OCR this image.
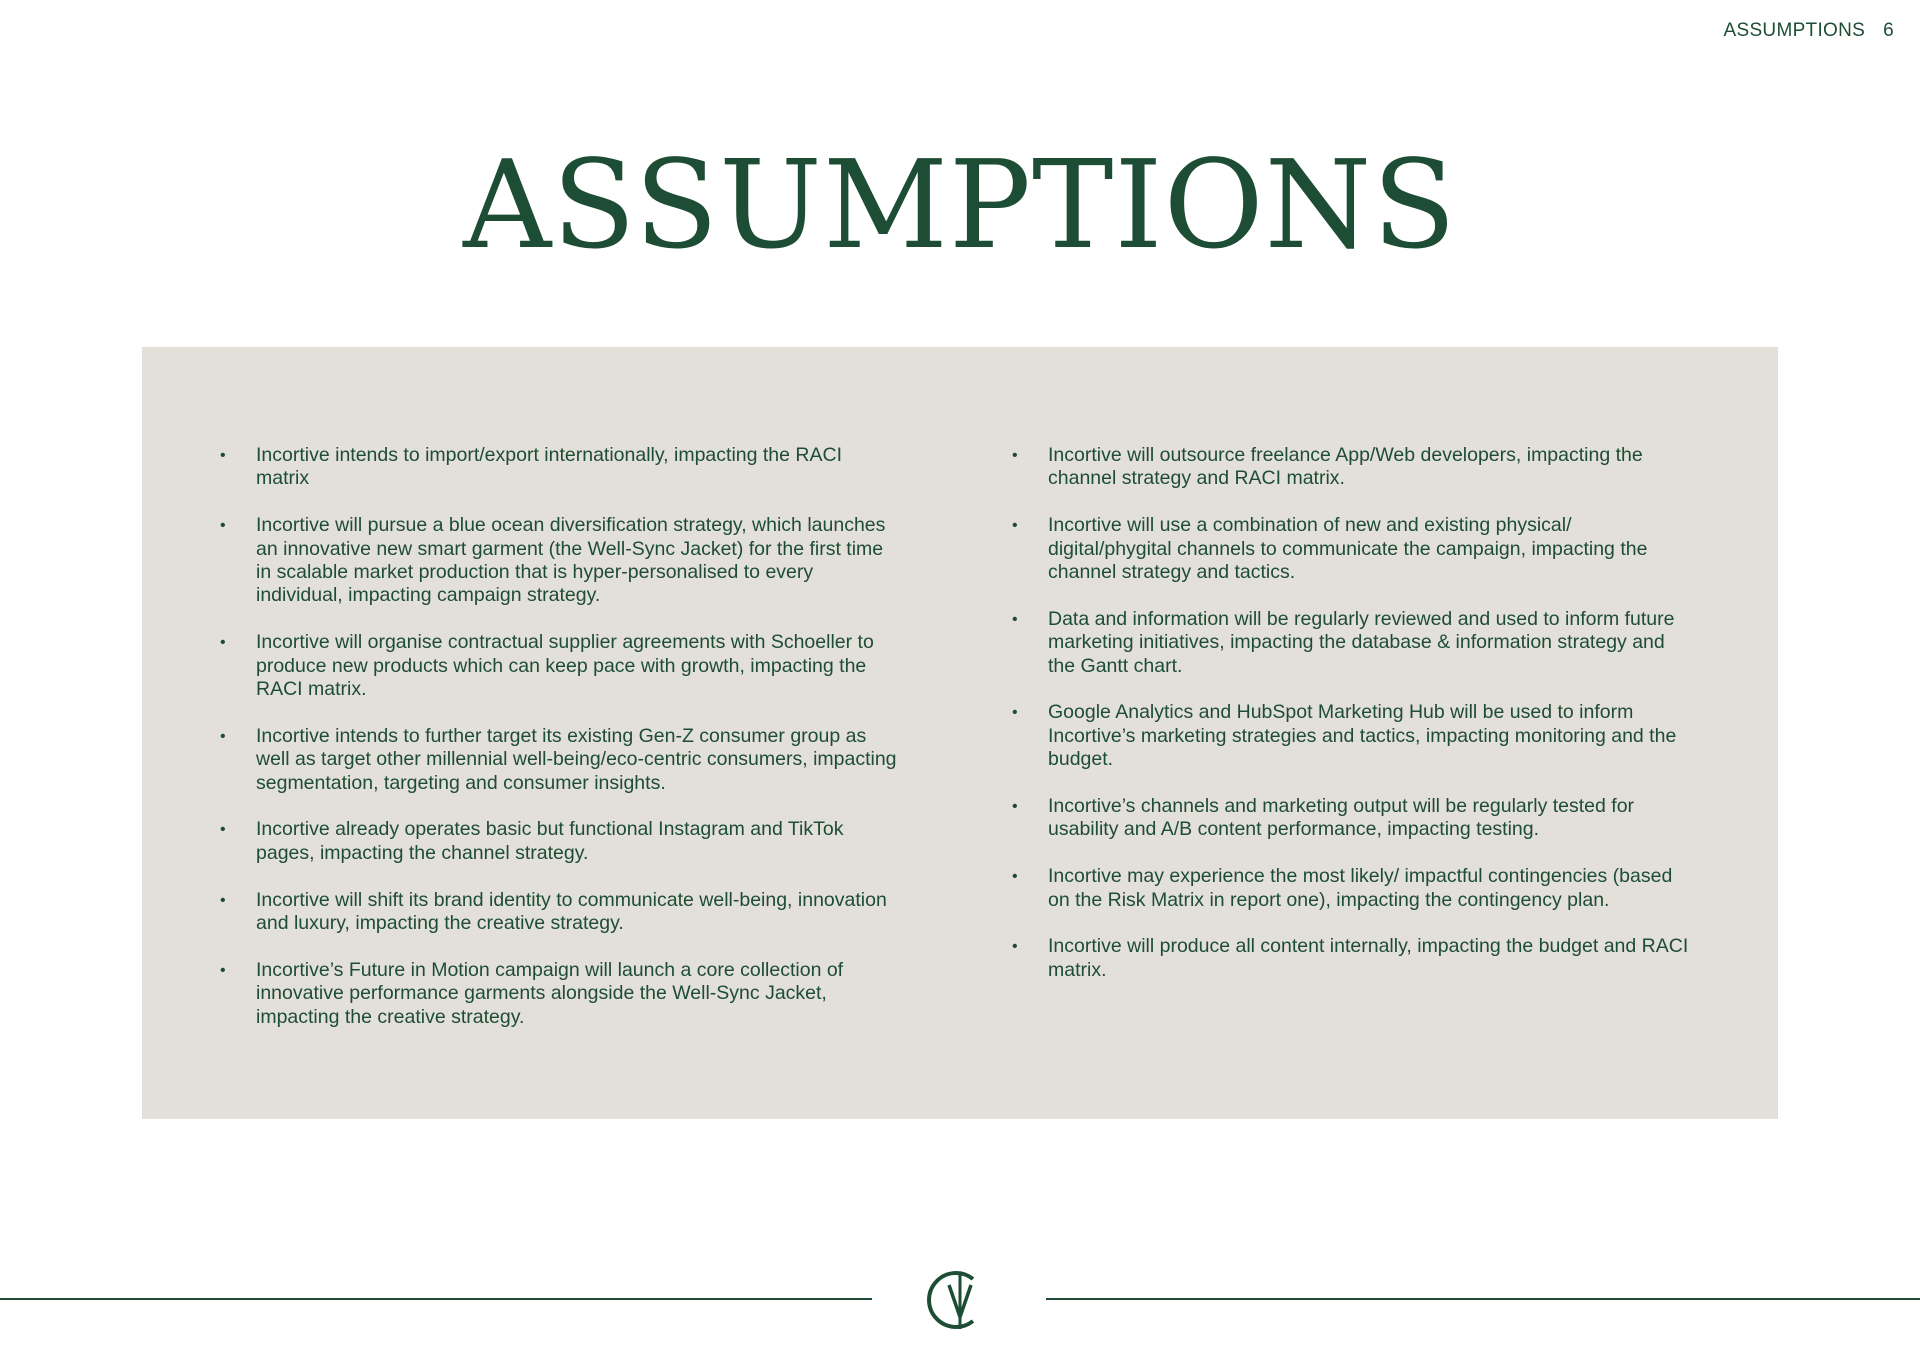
ASSUMPTIONS 6
ASSUMPTIONS
• Incortive intends to import/export internationally, impacting the RACI matrix
• Incortive will pursue a blue ocean diversification strategy, which launches an innovative new smart garment (the Well-Sync Jacket) for the first time in scalable market production that is hyper-personalised to every individual, impacting campaign strategy.
• Incortive will organise contractual supplier agreements with Schoeller to produce new products which can keep pace with growth, impacting the RACI matrix.
• Incortive intends to further target its existing Gen-Z consumer group as well as target other millennial well-being/eco-centric consumers, impacting segmentation, targeting and consumer insights.
• Incortive already operates basic but functional Instagram and TikTok pages, impacting the channel strategy.
• Incortive will shift its brand identity to communicate well-being, innovation and luxury, impacting the creative strategy.
• Incortive’s Future in Motion campaign will launch a core collection of innovative performance garments alongside the Well-Sync Jacket, impacting the creative strategy.
• Incortive will outsource freelance App/Web developers, impacting the channel strategy and RACI matrix.
• Incortive will use a combination of new and existing physical/ digital/phygital channels to communicate the campaign, impacting the channel strategy and tactics.
• Data and information will be regularly reviewed and used to inform future marketing initiatives, impacting the database & information strategy and the Gantt chart.
• Google Analytics and HubSpot Marketing Hub will be used to inform Incortive’s marketing strategies and tactics, impacting monitoring and the budget.
• Incortive’s channels and marketing output will be regularly tested for usability and A/B content performance, impacting testing.
• Incortive may experience the most likely/ impactful contingencies (based on the Risk Matrix in report one), impacting the contingency plan.
• Incortive will produce all content internally, impacting the budget and RACI matrix.
